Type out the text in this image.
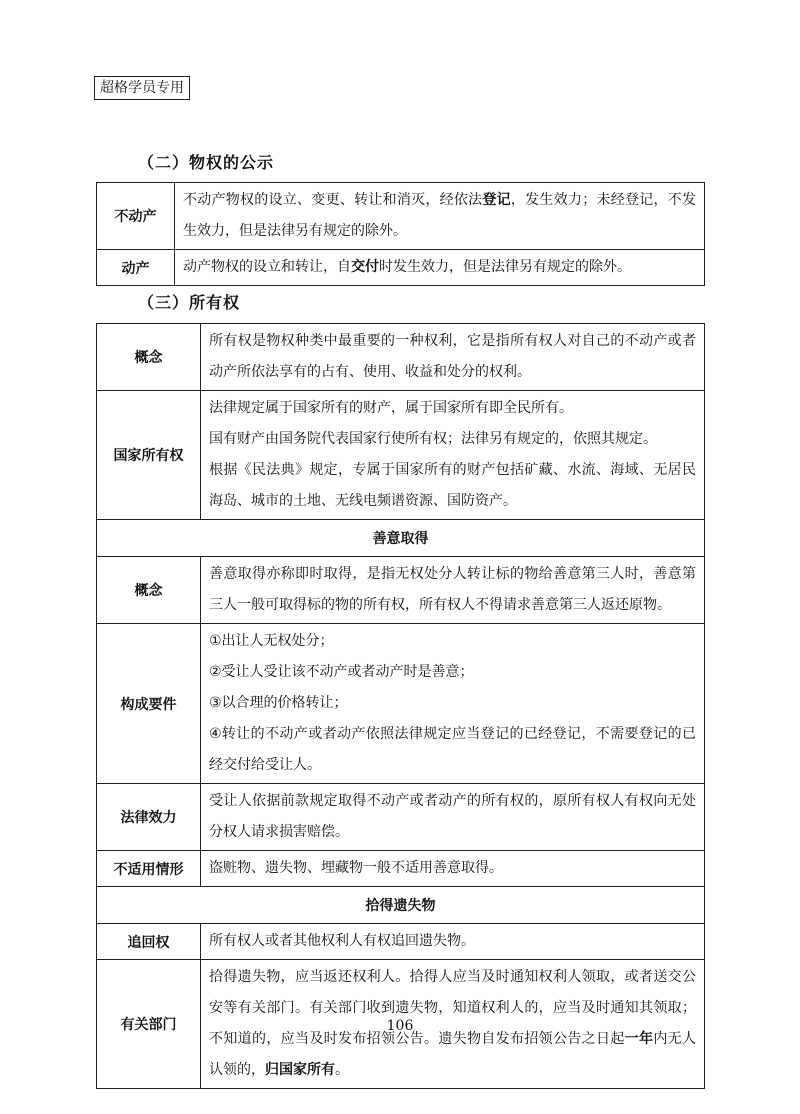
超格学员专用
（二）物权的公示
不动产	不动产物权的设立、变更、转让和消灭，经依法登记，发生效力；未经登记，不发生效力，但是法律另有规定的除外。
动产	动产物权的设立和转让，自交付时发生效力，但是法律另有规定的除外。
（三）所有权
概念	所有权是物权种类中最重要的一种权利，它是指所有权人对自己的不动产或者动产所依法享有的占有、使用、收益和处分的权利。
国家所有权	法律规定属于国家所有的财产，属于国家所有即全民所有。

国有财产由国务院代表国家行使所有权；法律另有规定的，依照其规定。

根据《民法典》规定，专属于国家所有的财产包括矿藏、水流、海域、无居民海岛、城市的土地、无线电频谱资源、国防资产。

善意取得	
概念	善意取得亦称即时取得，是指无权处分人转让标的物给善意第三人时，善意第三人一般可取得标的物的所有权，所有权人不得请求善意第三人返还原物。
构成要件	①出让人无权处分；

②受让人受让该不动产或者动产时是善意；

③以合理的价格转让；

④转让的不动产或者动产依照法律规定应当登记的已经登记，不需要登记的已经交付给受让人。

法律效力	受让人依据前款规定取得不动产或者动产的所有权的，原所有权人有权向无处分权人请求损害赔偿。
不适用情形	盗赃物、遗失物、埋藏物一般不适用善意取得。
拾得遗失物	
追回权	所有权人或者其他权利人有权追回遗失物。
有关部门	拾得遗失物，应当返还权利人。拾得人应当及时通知权利人领取，或者送交公安等有关部门。有关部门收到遗失物，知道权利人的，应当及时通知其领取；不知道的，应当及时发布招领公告。遗失物自发布招领公告之日起一年内无人认领的，归国家所有。
106
